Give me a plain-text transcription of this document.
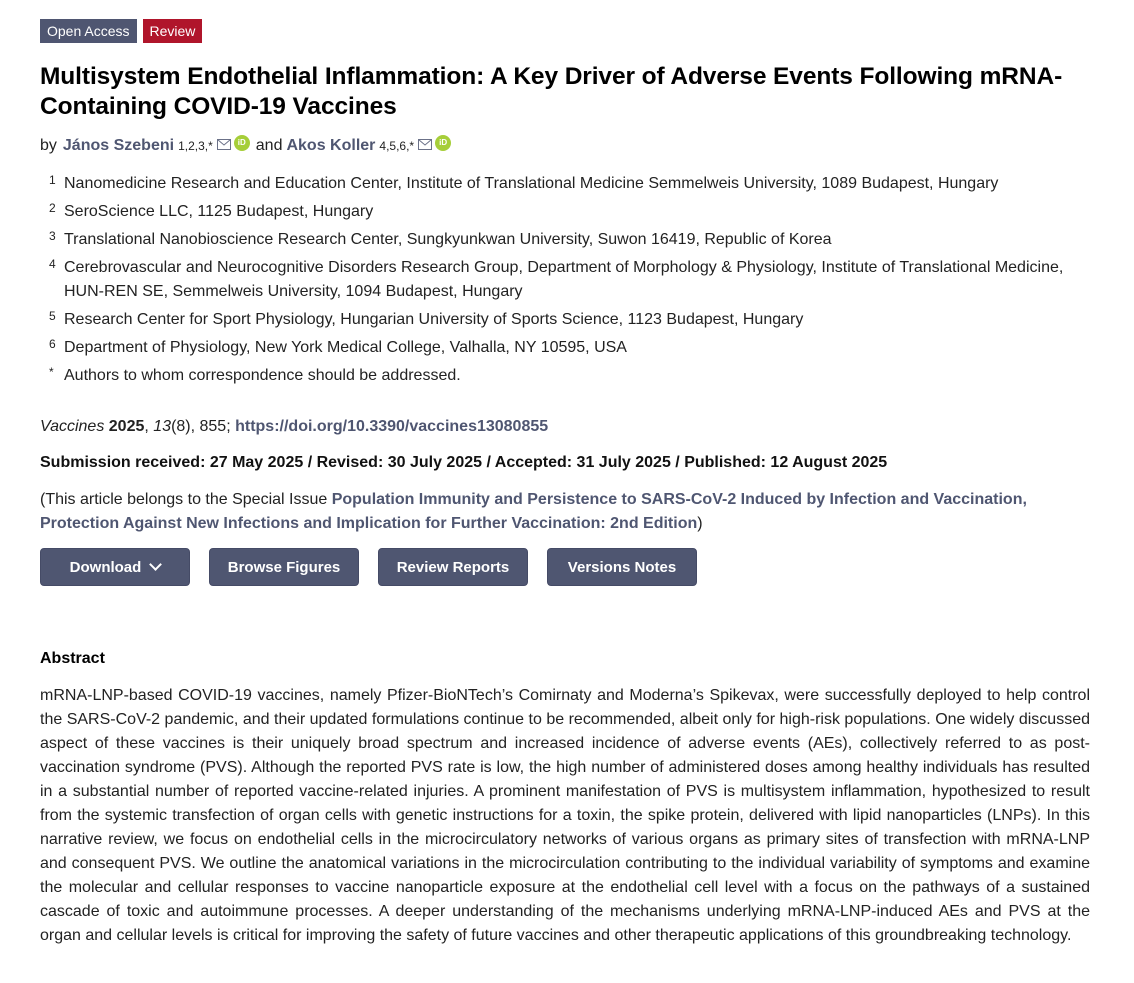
Open Access	Review
Multisystem Endothelial Inflammation: A Key Driver of Adverse Events Following mRNA-Containing COVID-19 Vaccines
by János Szebeni 1,2,3,*	iD and Akos Koller 4,5,6,*	iD
1 Nanomedicine Research and Education Center, Institute of Translational Medicine Semmelweis University, 1089 Budapest, Hungary
2 SeroScience LLC, 1125 Budapest, Hungary
3 Translational Nanobioscience Research Center, Sungkyunkwan University, Suwon 16419, Republic of Korea
4 Cerebrovascular and Neurocognitive Disorders Research Group, Department of Morphology & Physiology, Institute of Translational Medicine, HUN-REN SE, Semmelweis University, 1094 Budapest, Hungary
5 Research Center for Sport Physiology, Hungarian University of Sports Science, 1123 Budapest, Hungary
6 Department of Physiology, New York Medical College, Valhalla, NY 10595, USA
* Authors to whom correspondence should be addressed.
Vaccines 2025, 13(8), 855; https://doi.org/10.3390/vaccines13080855
Submission received: 27 May 2025 / Revised: 30 July 2025 / Accepted: 31 July 2025 / Published: 12 August 2025
(This article belongs to the Special Issue Population Immunity and Persistence to SARS-CoV-2 Induced by Infection and Vaccination, Protection Against New Infections and Implication for Further Vaccination: 2nd Edition)
Download	Browse Figures	Review Reports	Versions Notes
Abstract
mRNA-LNP-based COVID-19 vaccines, namely Pfizer-BioNTech’s Comirnaty and Moderna’s Spikevax, were successfully deployed to help control the SARS-CoV-2 pandemic, and their updated formulations continue to be recommended, albeit only for high-risk populations. One widely discussed aspect of these vaccines is their uniquely broad spectrum and increased incidence of adverse events (AEs), collectively referred to as post-vaccination syndrome (PVS). Although the reported PVS rate is low, the high number of administered doses among healthy individuals has resulted in a substantial number of reported vaccine-related injuries. A prominent manifestation of PVS is multisystem inflammation, hypothesized to result from the systemic transfection of organ cells with genetic instructions for a toxin, the spike protein, delivered with lipid nanoparticles (LNPs). In this narrative review, we focus on endothelial cells in the microcirculatory networks of various organs as primary sites of transfection with mRNA-LNP and consequent PVS. We outline the anatomical variations in the microcirculation contributing to the individual variability of symptoms and examine the molecular and cellular responses to vaccine nanoparticle exposure at the endothelial cell level with a focus on the pathways of a sustained cascade of toxic and autoimmune processes. A deeper understanding of the mechanisms underlying mRNA-LNP-induced AEs and PVS at the organ and cellular levels is critical for improving the safety of future vaccines and other therapeutic applications of this groundbreaking technology.
